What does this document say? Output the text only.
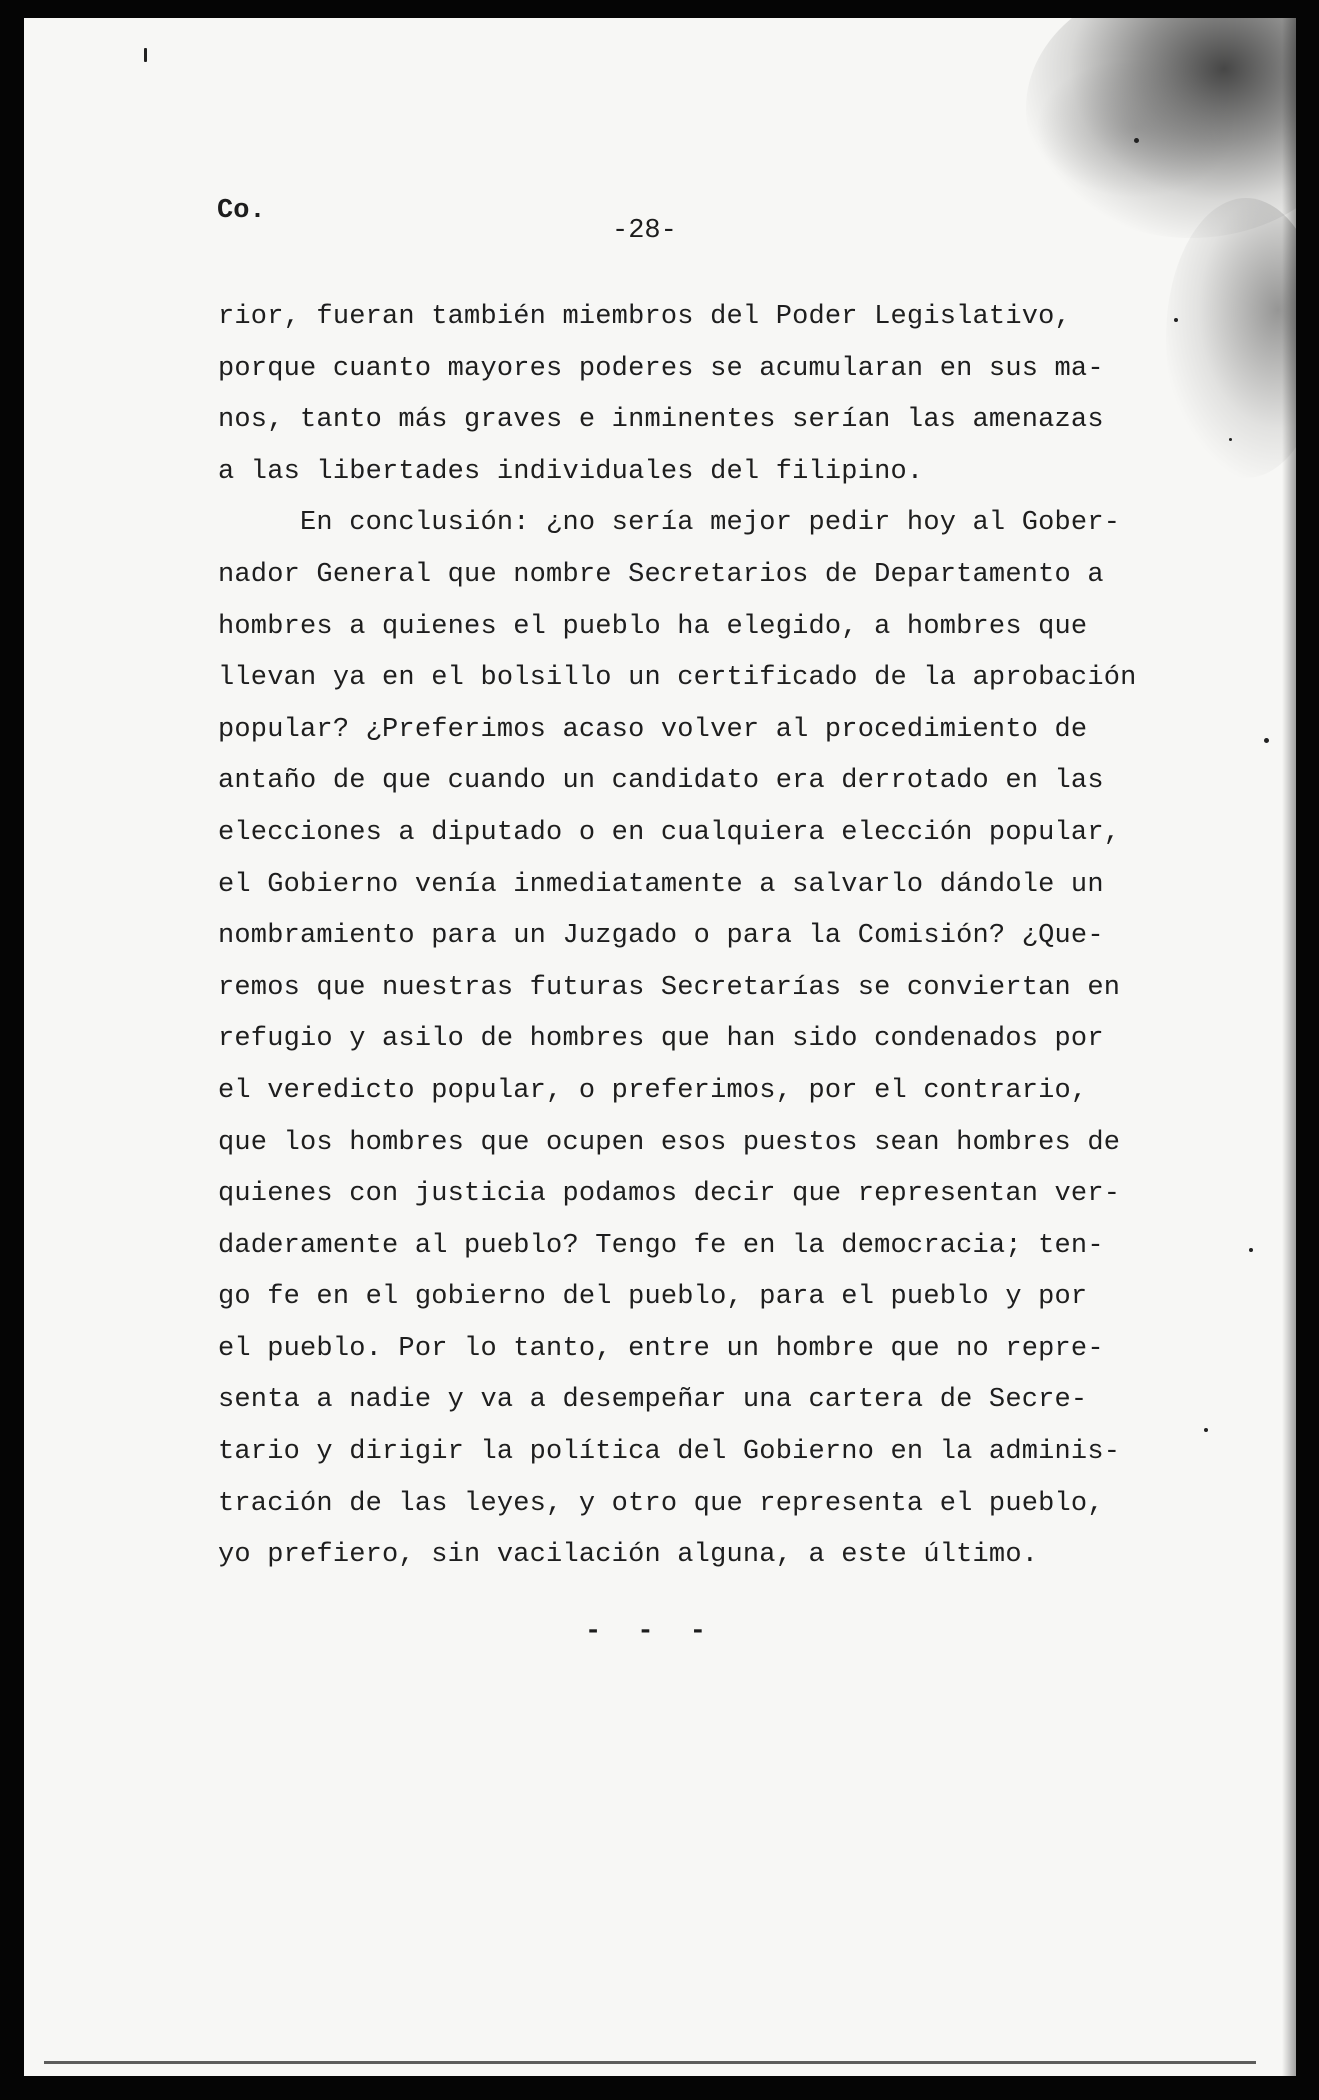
Co.
-28-
rior, fueran también miembros del Poder Legislativo,
porque cuanto mayores poderes se acumularan en sus ma-
nos, tanto más graves e inminentes serían las amenazas
a las libertades individuales del filipino.
En conclusión: ¿no sería mejor pedir hoy al Gober-
nador General que nombre Secretarios de Departamento a
hombres a quienes el pueblo ha elegido, a hombres que
llevan ya en el bolsillo un certificado de la aprobación
popular? ¿Preferimos acaso volver al procedimiento de
antaño de que cuando un candidato era derrotado en las
elecciones a diputado o en cualquiera elección popular,
el Gobierno venía inmediatamente a salvarlo dándole un
nombramiento para un Juzgado o para la Comisión? ¿Que-
remos que nuestras futuras Secretarías se conviertan en
refugio y asilo de hombres que han sido condenados por
el veredicto popular, o preferimos, por el contrario,
que los hombres que ocupen esos puestos sean hombres de
quienes con justicia podamos decir que representan ver-
daderamente al pueblo? Tengo fe en la democracia; ten-
go fe en el gobierno del pueblo, para el pueblo y por
el pueblo. Por lo tanto, entre un hombre que no repre-
senta a nadie y va a desempeñar una cartera de Secre-
tario y dirigir la política del Gobierno en la adminis-
tración de las leyes, y otro que representa el pueblo,
yo prefiero, sin vacilación alguna, a este último.
- - -
